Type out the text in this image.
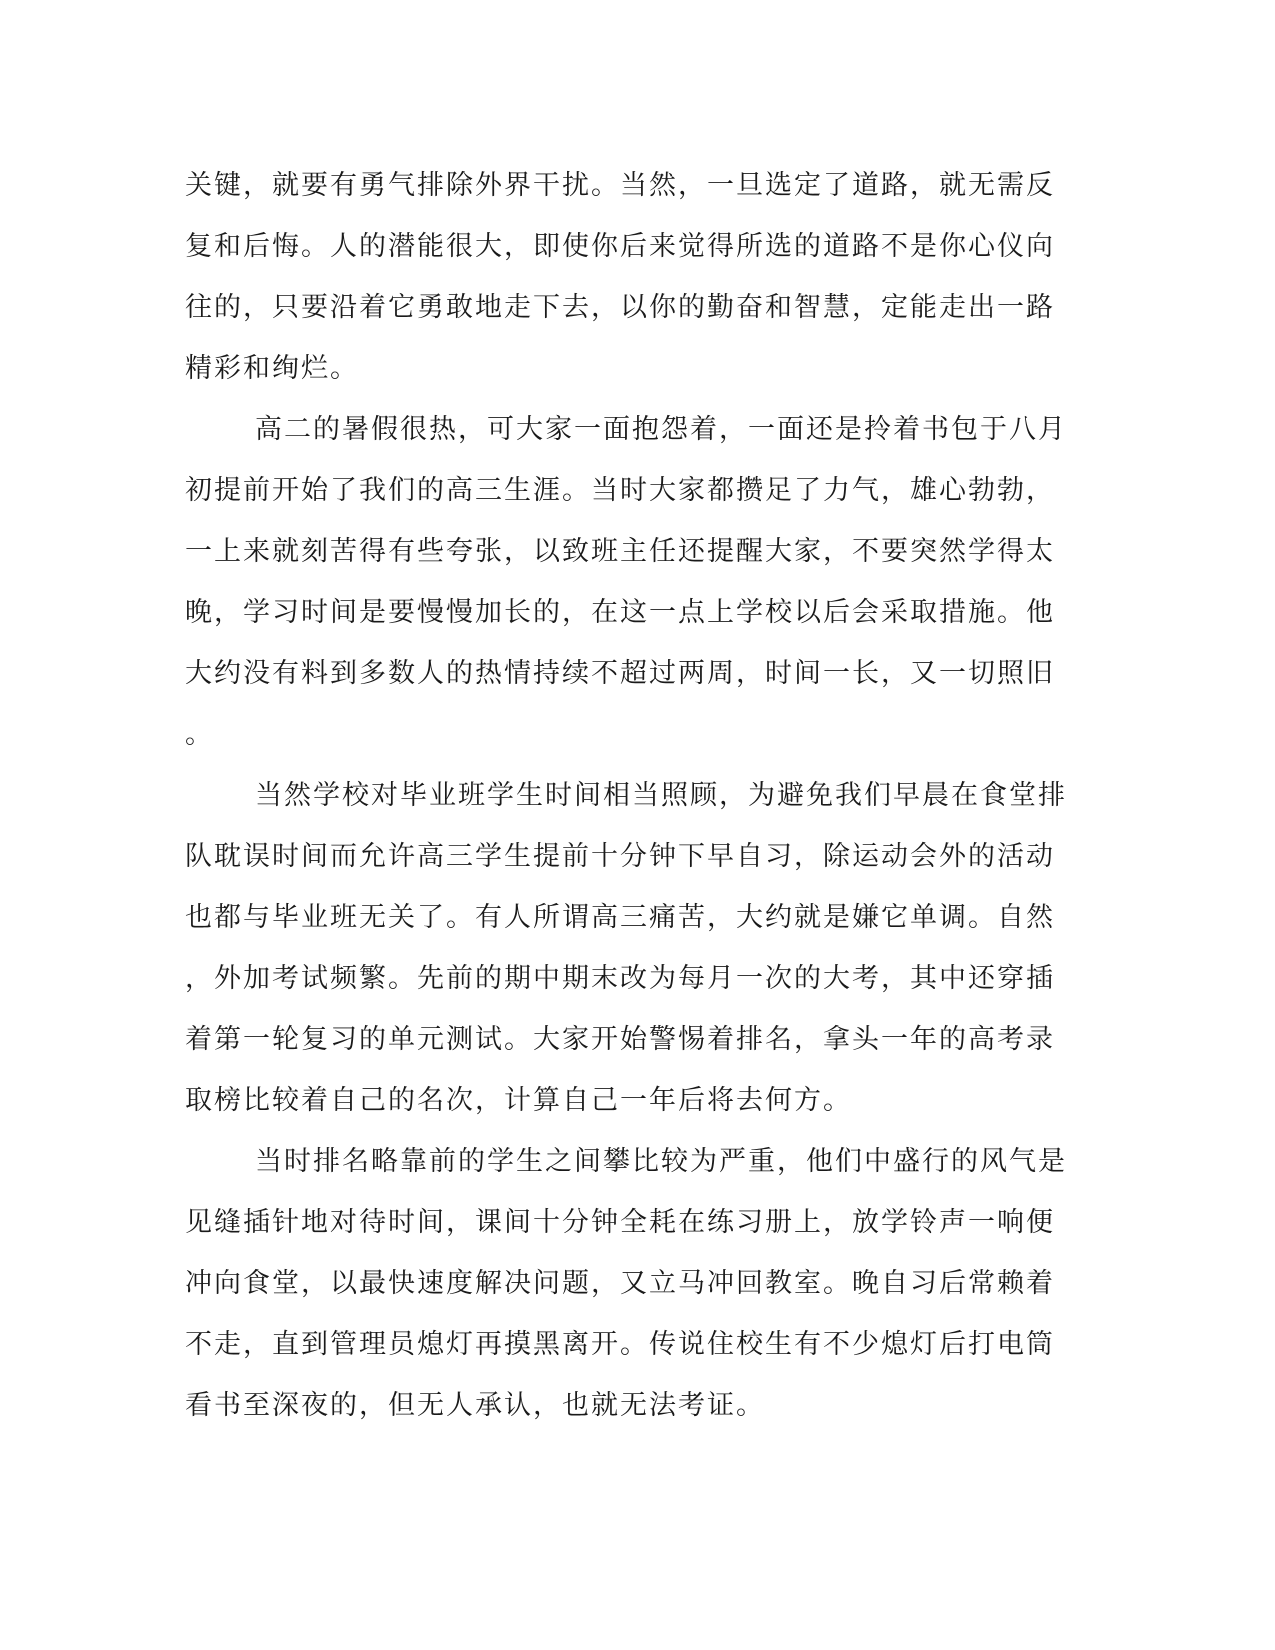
关键，就要有勇气排除外界干扰。当然，一旦选定了道路，就无需反
复和后悔。人的潜能很大，即使你后来觉得所选的道路不是你心仪向
往的，只要沿着它勇敢地走下去，以你的勤奋和智慧，定能走出一路
精彩和绚烂。
高二的暑假很热，可大家一面抱怨着，一面还是拎着书包于八月
初提前开始了我们的高三生涯。当时大家都攒足了力气，雄心勃勃，
一上来就刻苦得有些夸张，以致班主任还提醒大家，不要突然学得太
晚，学习时间是要慢慢加长的，在这一点上学校以后会采取措施。他
大约没有料到多数人的热情持续不超过两周，时间一长，又一切照旧
。
当然学校对毕业班学生时间相当照顾，为避免我们早晨在食堂排
队耽误时间而允许高三学生提前十分钟下早自习，除运动会外的活动
也都与毕业班无关了。有人所谓高三痛苦，大约就是嫌它单调。自然
，外加考试频繁。先前的期中期末改为每月一次的大考，其中还穿插
着第一轮复习的单元测试。大家开始警惕着排名，拿头一年的高考录
取榜比较着自己的名次，计算自己一年后将去何方。
当时排名略靠前的学生之间攀比较为严重，他们中盛行的风气是
见缝插针地对待时间，课间十分钟全耗在练习册上，放学铃声一响便
冲向食堂，以最快速度解决问题，又立马冲回教室。晚自习后常赖着
不走，直到管理员熄灯再摸黑离开。传说住校生有不少熄灯后打电筒
看书至深夜的，但无人承认，也就无法考证。
